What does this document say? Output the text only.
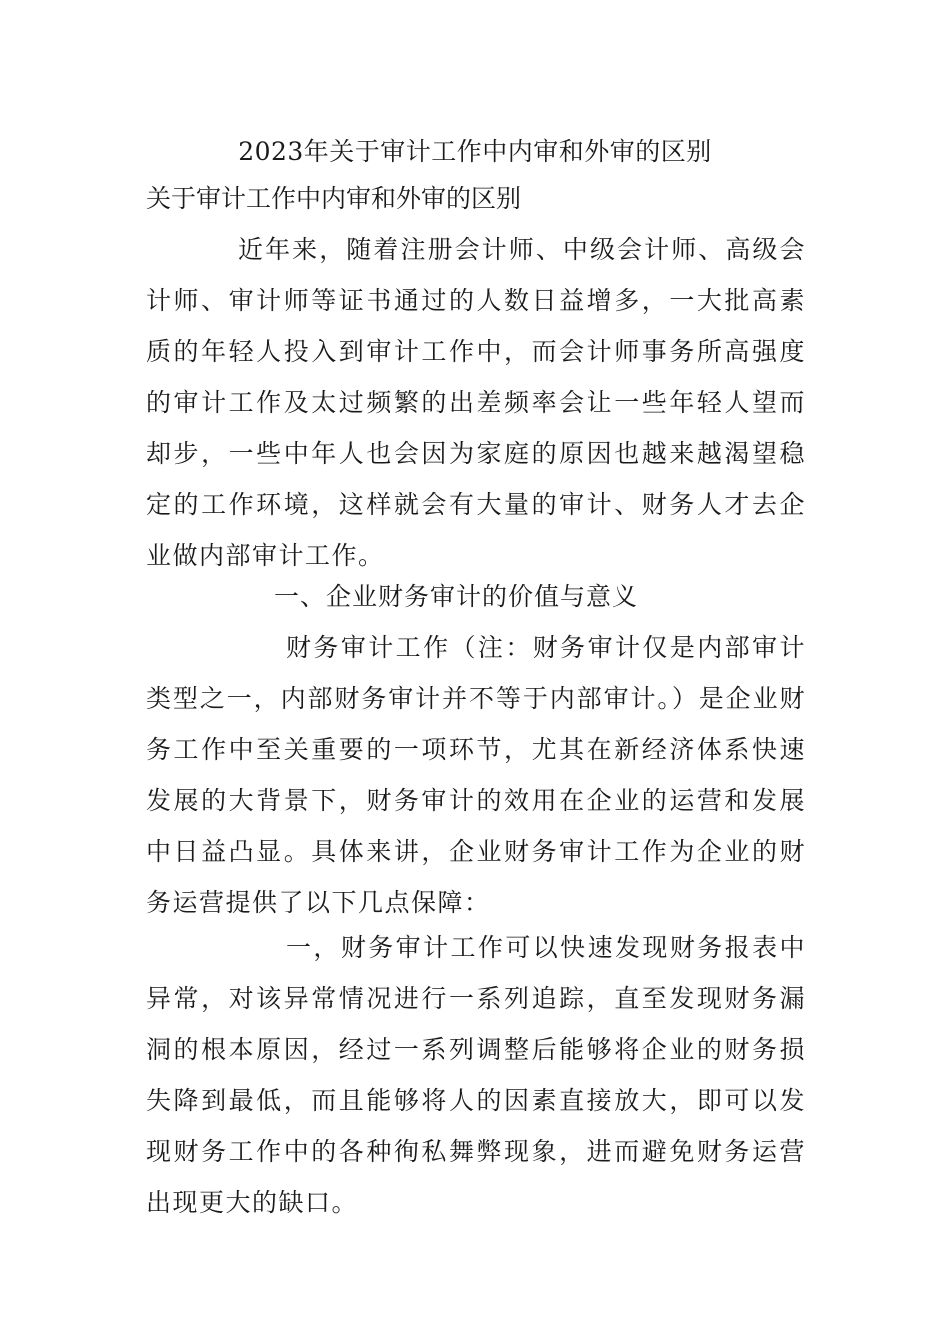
2023年关于审计工作中内审和外审的区别

关于审计工作中内审和外审的区别

近年来，随着注册会计师、中级会计师、高级会计师、审计师等证书通过的人数日益增多，一大批高素质的年轻人投入到审计工作中，而会计师事务所高强度的审计工作及太过频繁的出差频率会让一些年轻人望而却步，一些中年人也会因为家庭的原因也越来越渴望稳定的工作环境，这样就会有大量的审计、财务人才去企业做内部审计工作。

一、企业财务审计的价值与意义

财务审计工作（注：财务审计仅是内部审计类型之一，内部财务审计并不等于内部审计。）是企业财务工作中至关重要的一项环节，尤其在新经济体系快速发展的大背景下，财务审计的效用在企业的运营和发展中日益凸显。具体来讲，企业财务审计工作为企业的财务运营提供了以下几点保障：

一，财务审计工作可以快速发现财务报表中异常，对该异常情况进行一系列追踪，直至发现财务漏洞的根本原因，经过一系列调整后能够将企业的财务损失降到最低，而且能够将人的因素直接放大，即可以发现财务工作中的各种徇私舞弊现象，进而避免财务运营出现更大的缺口。
